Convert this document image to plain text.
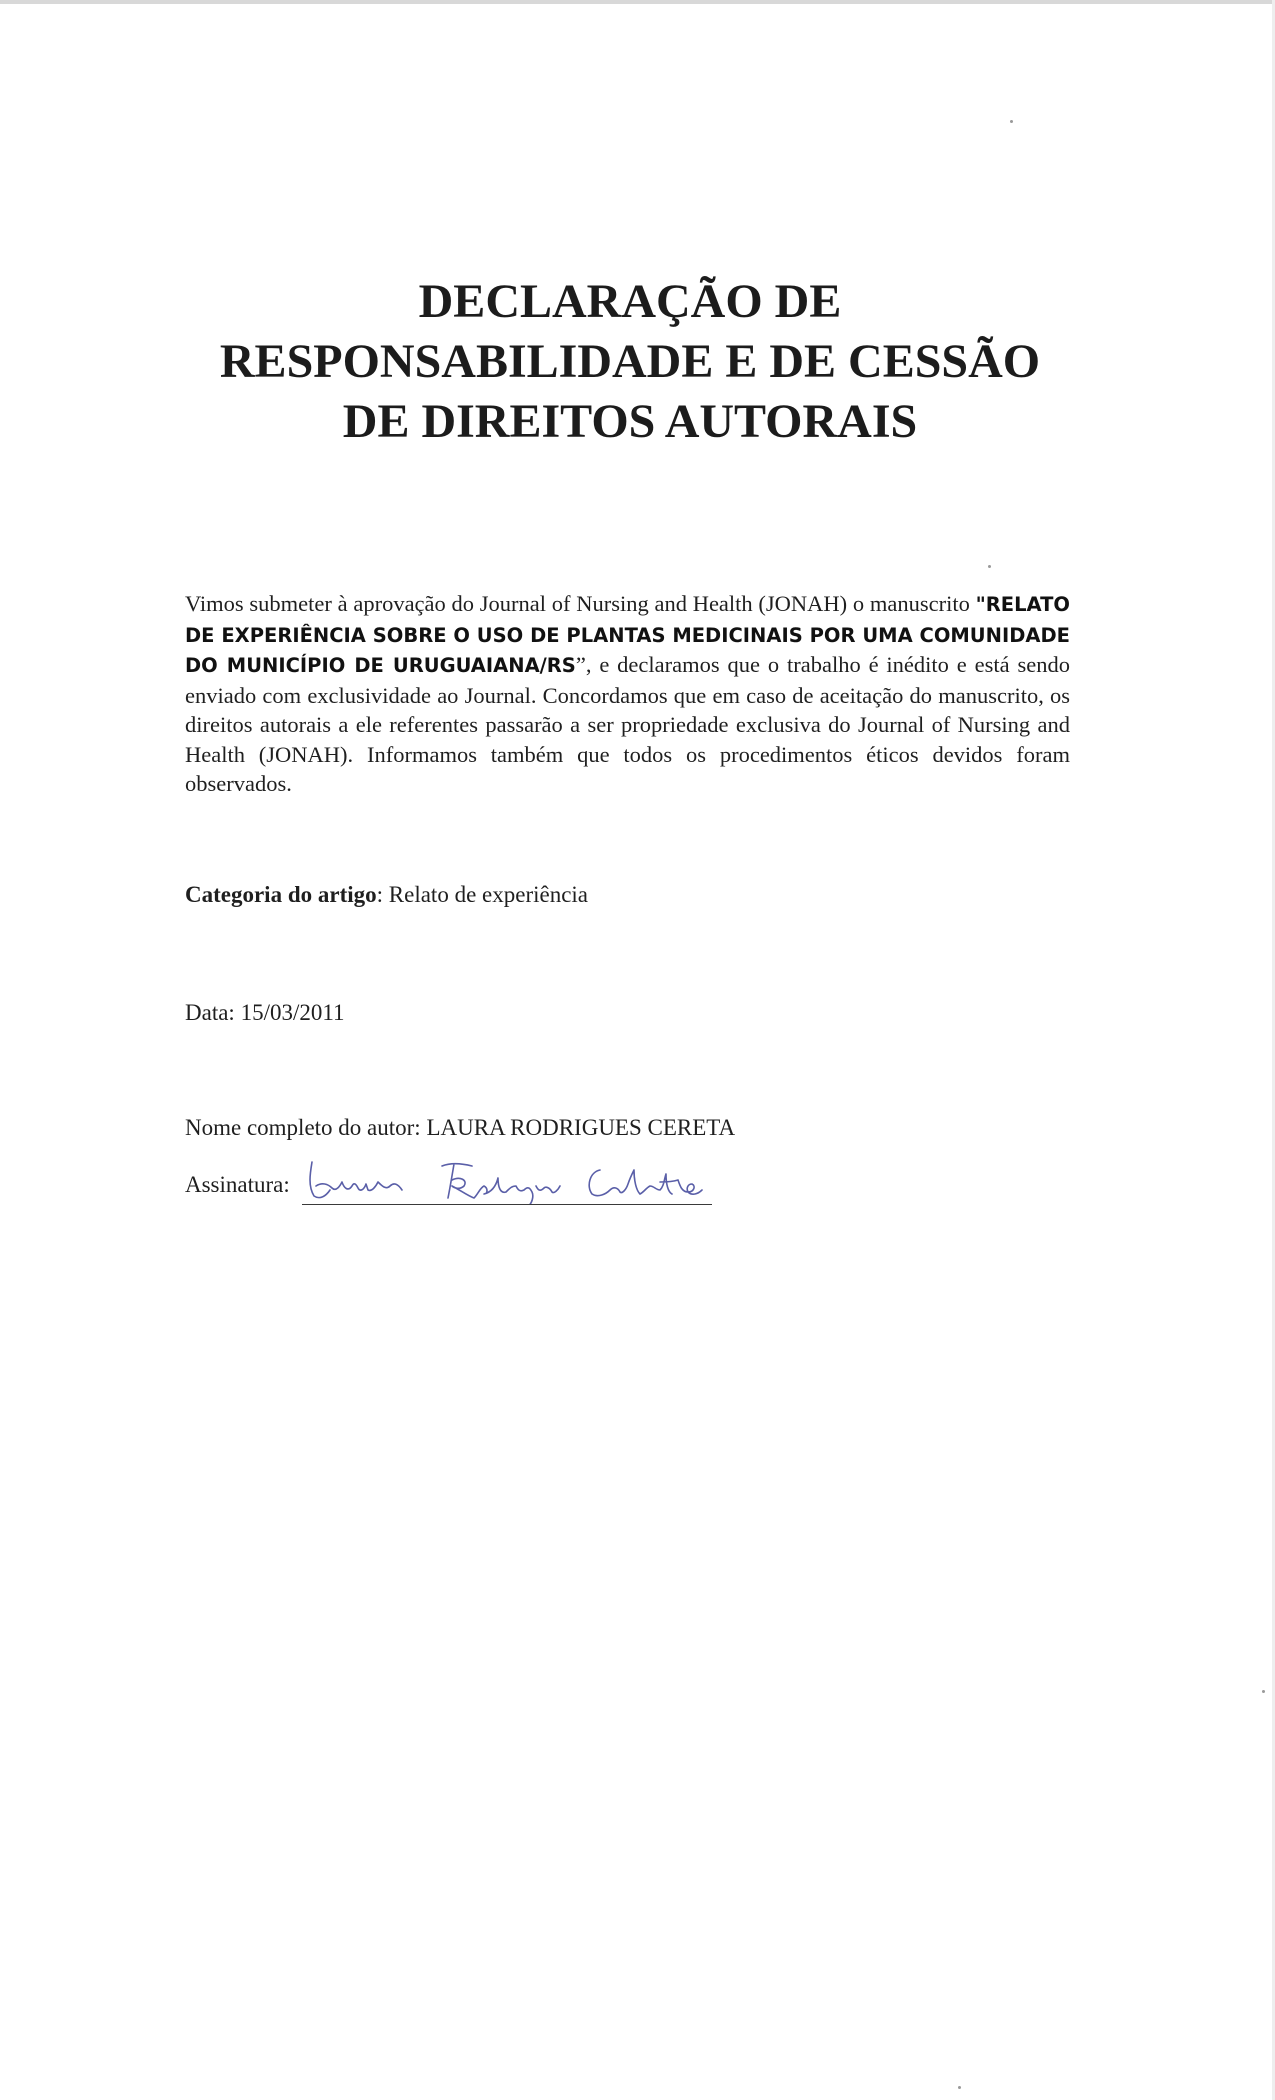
DECLARAÇÃO DE
RESPONSABILIDADE E DE CESSÃO
DE DIREITOS AUTORAIS

Vimos submeter à aprovação do Journal of Nursing and Health (JONAH) o manuscrito "RELATO DE EXPERIÊNCIA SOBRE O USO DE PLANTAS MEDICINAIS POR UMA COMUNIDADE DO MUNICÍPIO DE URUGUAIANA/RS”, e declaramos que o trabalho é inédito e está sendo enviado com exclusividade ao Journal. Concordamos que em caso de aceitação do manuscrito, os direitos autorais a ele referentes passarão a ser propriedade exclusiva do Journal of Nursing and Health (JONAH). Informamos também que todos os procedimentos éticos devidos foram observados.

Categoria do artigo: Relato de experiência

Data: 15/03/2011

Nome completo do autor: LAURA RODRIGUES CERETA

Assinatura:
